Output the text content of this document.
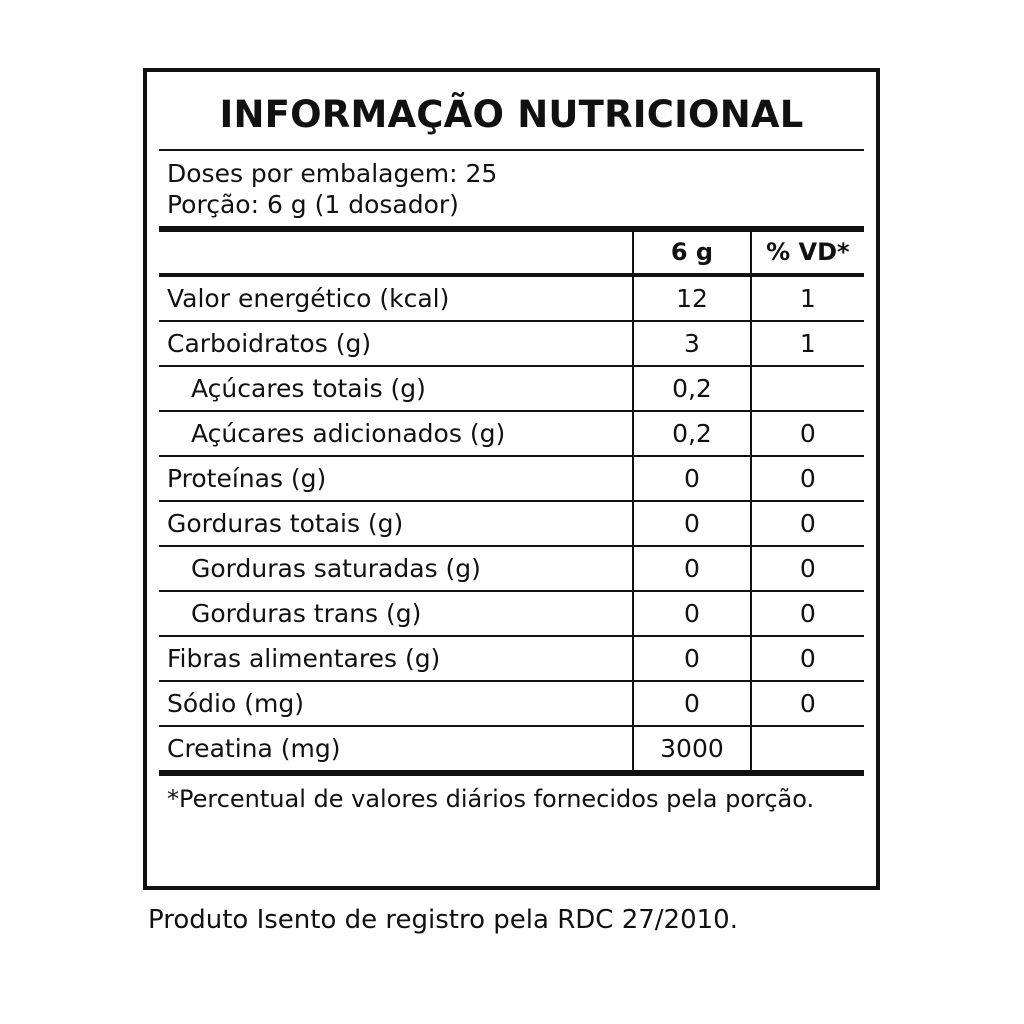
INFORMAÇÃO NUTRICIONAL
Doses por embalagem: 25
Porção: 6 g (1 dosador)
	6 g	% VD*
Valor energético (kcal)	12	1
Carboidratos (g)	3	1
Açúcares totais (g)	0,2	
Açúcares adicionados (g)	0,2	0
Proteínas (g)	0	0
Gorduras totais (g)	0	0
Gorduras saturadas (g)	0	0
Gorduras trans (g)	0	0
Fibras alimentares (g)	0	0
Sódio (mg)	0	0
Creatina (mg)	3000	
*Percentual de valores diários fornecidos pela porção.
Produto Isento de registro pela RDC 27/2010.
